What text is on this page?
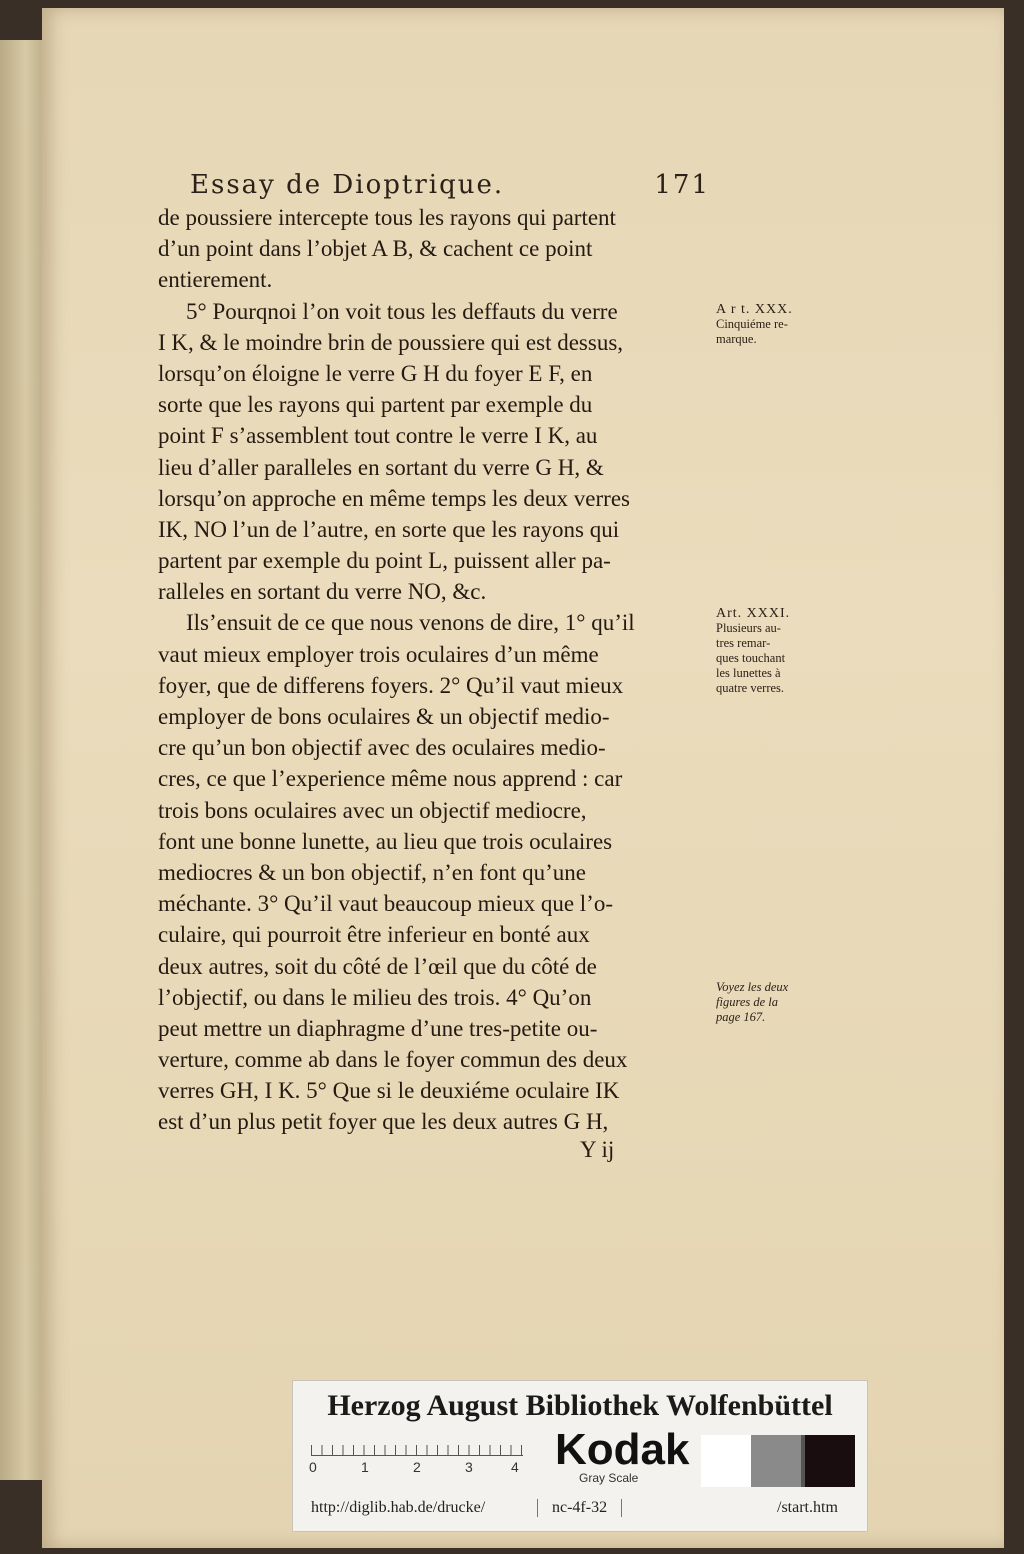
Essay de Dioptrique.	171
de poussiere intercepte tous les rayons qui partent
d’un point dans l’objet A B, & cachent ce point
entierement.
5° Pourqnoi l’on voit tous les deffauts du verre
I K, & le moindre brin de poussiere qui est dessus,
lorsqu’on éloigne le verre G H du foyer E F, en
sorte que les rayons qui partent par exemple du
point F s’assemblent tout contre le verre I K, au
lieu d’aller paralleles en sortant du verre G H, &
lorsqu’on approche en même temps les deux verres
IK, NO l’un de l’autre, en sorte que les rayons qui
partent par exemple du point L, puissent aller pa-
ralleles en sortant du verre NO, &c.
Ils’ensuit de ce que nous venons de dire, 1° qu’il
vaut mieux employer trois oculaires d’un même
foyer, que de differens foyers. 2° Qu’il vaut mieux
employer de bons oculaires & un objectif medio-
cre qu’un bon objectif avec des oculaires medio-
cres, ce que l’experience même nous apprend : car
trois bons oculaires avec un objectif mediocre,
font une bonne lunette, au lieu que trois oculaires
mediocres & un bon objectif, n’en font qu’une
méchante. 3° Qu’il vaut beaucoup mieux que l’o-
culaire, qui pourroit être inferieur en bonté aux
deux autres, soit du côté de l’œil que du côté de
l’objectif, ou dans le milieu des trois. 4° Qu’on
peut mettre un diaphragme d’une tres-petite ou-
verture, comme ab dans le foyer commun des deux
verres GH, I K. 5° Que si le deuxiéme oculaire IK
est d’un plus petit foyer que les deux autres G H,
A r t. XXX.
Cinquiéme re-
marque.
Art. XXXI.
Plusi⁠eurs au-
tres remar-
ques touchant
les lunettes à
quatre verres.
Voyez les deux
figures de la
page 167.
Y ij
Herzog August Bibliothek Wolfenbüttel
0	1	2	3	4 Kodak
Gray Scale
http://diglib.hab.de/drucke/	nc-4f-32	/start.htm
